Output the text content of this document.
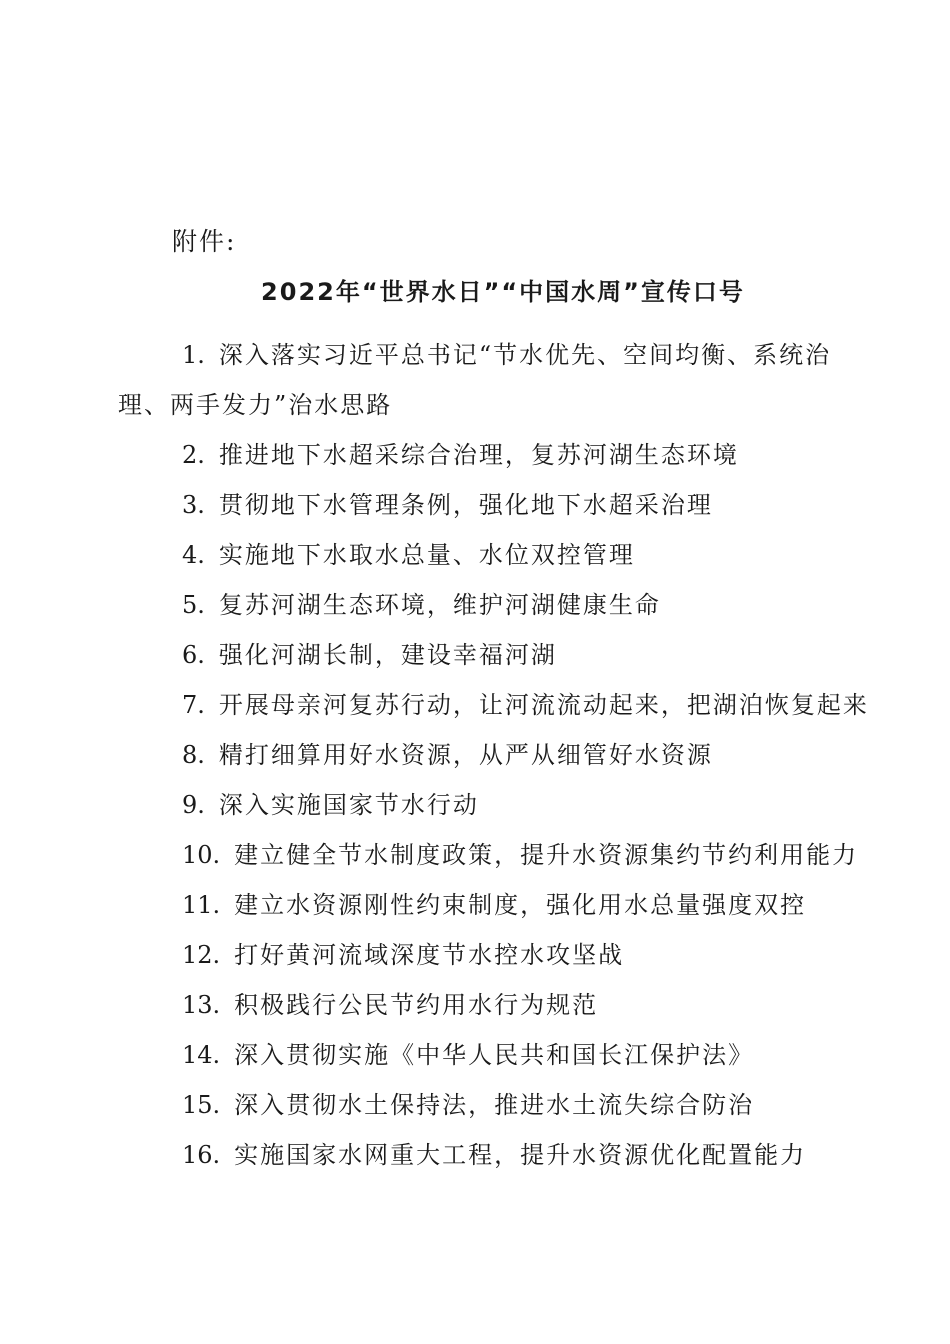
附件:
2022年“世界水日”“中国水周”宣传口号
1. 深入落实习近平总书记“节水优先、空间均衡、系统治理、两手发力”治水思路
2. 推进地下水超采综合治理，复苏河湖生态环境
3. 贯彻地下水管理条例，强化地下水超采治理
4. 实施地下水取水总量、水位双控管理
5. 复苏河湖生态环境，维护河湖健康生命
6. 强化河湖长制，建设幸福河湖
7. 开展母亲河复苏行动，让河流流动起来，把湖泊恢复起来
8. 精打细算用好水资源，从严从细管好水资源
9. 深入实施国家节水行动
10. 建立健全节水制度政策，提升水资源集约节约利用能力
11. 建立水资源刚性约束制度，强化用水总量强度双控
12. 打好黄河流域深度节水控水攻坚战
13. 积极践行公民节约用水行为规范
14. 深入贯彻实施《中华人民共和国长江保护法》
15. 深入贯彻水土保持法，推进水土流失综合防治
16. 实施国家水网重大工程，提升水资源优化配置能力
